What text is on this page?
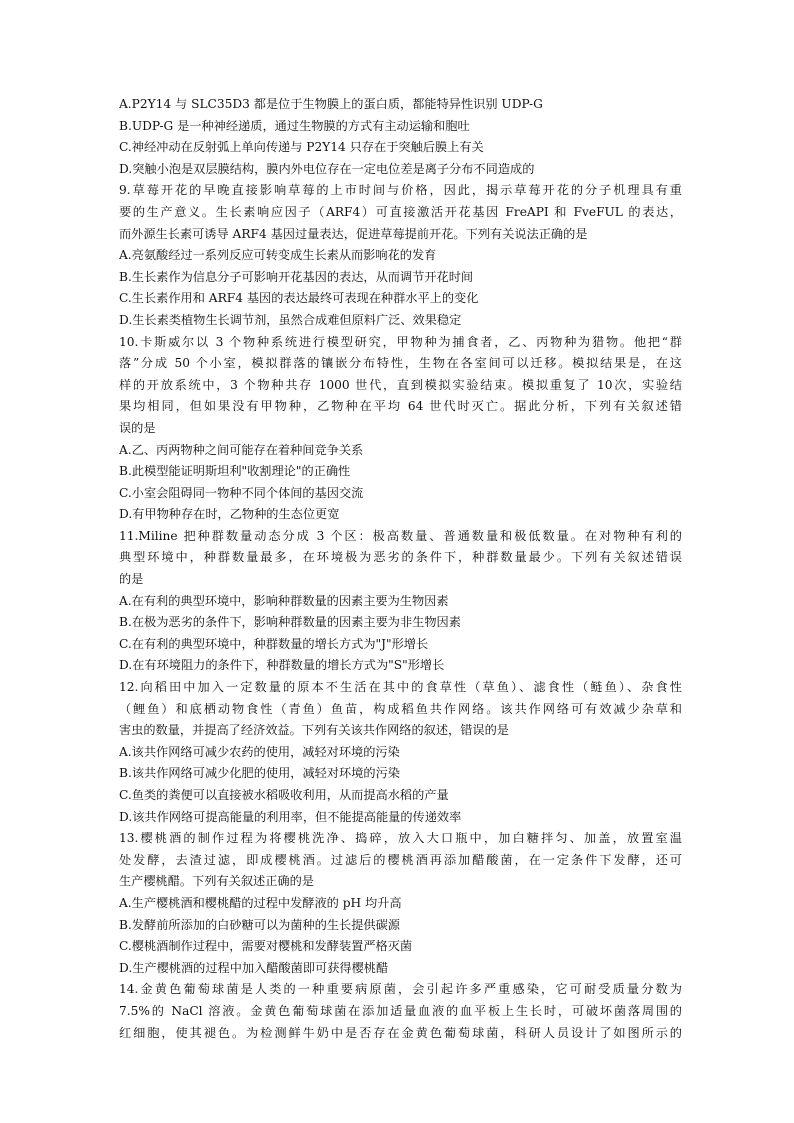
A.P2Y14 与 SLC35D3 都是位于生物膜上的蛋白质，都能特异性识别 UDP-G
B.UDP-G 是一种神经递质，通过生物膜的方式有主动运输和胞吐
C.神经冲动在反射弧上单向传递与 P2Y14 只存在于突触后膜上有关
D.突触小泡是双层膜结构，膜内外电位存在一定电位差是离子分布不同造成的
9.草莓开花的早晚直接影响草莓的上市时间与价格，因此，揭示草莓开花的分子机理具有重
要的生产意义。生长素响应因子（ARF4）可直接激活开花基因 FreAPI 和 FveFUL 的表达，
而外源生长素可诱导 ARF4 基因过量表达，促进草莓提前开花。下列有关说法正确的是
A.亮氨酸经过一系列反应可转变成生长素从而影响花的发育
B.生长素作为信息分子可影响开花基因的表达，从而调节开花时间
C.生长素作用和 ARF4 基因的表达最终可表现在种群水平上的变化
D.生长素类植物生长调节剂，虽然合成难但原料广泛、效果稳定
10.卡斯威尔以 3 个物种系统进行模型研究，甲物种为捕食者，乙、丙物种为猎物。他把“群
落”分成 50 个小室，模拟群落的镶嵌分布特性，生物在各室间可以迁移。模拟结果是，在这
样的开放系统中，3 个物种共存 1000 世代，直到模拟实验结束。模拟重复了 10次，实验结
果均相同，但如果没有甲物种，乙物种在平均 64 世代时灭亡。据此分析，下列有关叙述错
误的是
A.乙、丙两物种之间可能存在着种间竞争关系
B.此模型能证明斯坦利"收割理论"的正确性
C.小室会阻碍同一物种不同个体间的基因交流
D.有甲物种存在时，乙物种的生态位更宽
11.Miline 把种群数量动态分成 3 个区：极高数量、普通数量和极低数量。在对物种有利的
典型环境中，种群数量最多，在环境极为恶劣的条件下，种群数量最少。下列有关叙述错误
的是
A.在有利的典型环境中，影响种群数量的因素主要为生物因素
B.在极为恶劣的条件下，影响种群数量的因素主要为非生物因素
C.在有利的典型环境中，种群数量的增长方式为"J"形增长
D.在有环境阻力的条件下，种群数量的增长方式为"S"形增长
12.向稻田中加入一定数量的原本不生活在其中的食草性（草鱼）、滤食性（鲢鱼）、杂食性
（鲤鱼）和底栖动物食性（青鱼）鱼苗，构成稻鱼共作网络。该共作网络可有效减少杂草和
害虫的数量，并提高了经济效益。下列有关该共作网络的叙述，错误的是
A.该共作网络可减少农药的使用，减轻对环境的污染
B.该共作网络可减少化肥的使用，减轻对环境的污染
C.鱼类的粪便可以直接被水稻吸收利用，从而提高水稻的产量
D.该共作网络可提高能量的利用率，但不能提高能量的传递效率
13.樱桃酒的制作过程为将樱桃洗净、捣碎，放入大口瓶中，加白糖拌匀、加盖，放置室温
处发酵，去渣过滤，即成樱桃酒。过滤后的樱桃酒再添加醋酸菌，在一定条件下发酵，还可
生产樱桃醋。下列有关叙述正确的是
A.生产樱桃酒和樱桃醋的过程中发酵液的 pH 均升高
B.发酵前所添加的白砂糖可以为菌种的生长提供碳源
C.樱桃酒制作过程中，需要对樱桃和发酵装置严格灭菌
D.生产樱桃酒的过程中加入醋酸菌即可获得樱桃醋
14.金黄色葡萄球菌是人类的一种重要病原菌，会引起许多严重感染，它可耐受质量分数为
7.5%的 NaCl 溶液。金黄色葡萄球菌在添加适量血液的血平板上生长时，可破坏菌落周围的
红细胞，使其褪色。为检测鲜牛奶中是否存在金黄色葡萄球菌，科研人员设计了如图所示的
